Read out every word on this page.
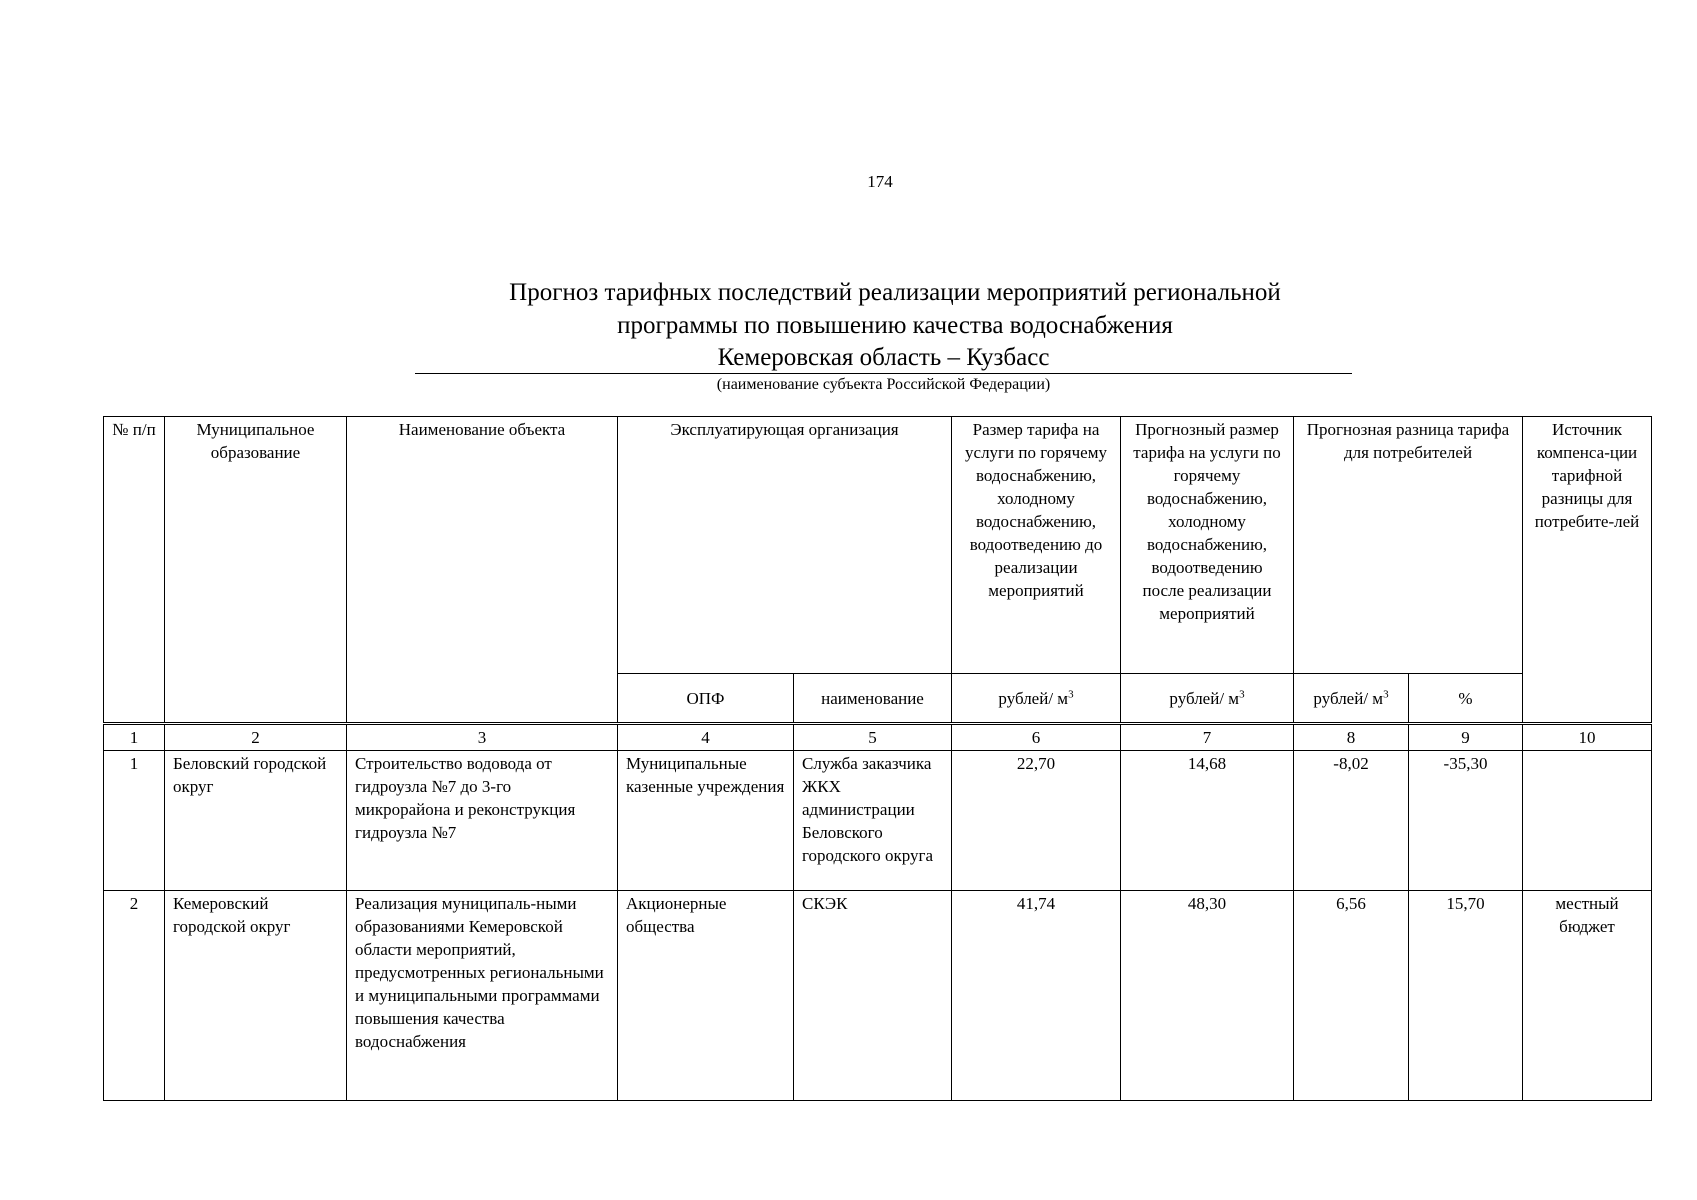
174
Прогноз тарифных последствий реализации мероприятий региональной
программы по повышению качества водоснабжения
Кемеровская область – Кузбасс
(наименование субъекта Российской Федерации)
№ п/п	Муниципальное образование	Наименование объекта	Эксплуатирующая организация		Размер тарифа на услуги по горячему водоснабжению, холодному водоснабжению, водоотведению до реализации мероприятий	Прогнозный размер тарифа на услуги по горячему водоснабжению, холодному водоснабжению, водоотведению после реализации мероприятий	Прогнозная разница тарифа для потребителей		Источник компенса-ции тарифной разницы для потребите-лей
			ОПФ	наименование	рублей/ $м^3$	рублей/ $м^3$	рублей/ $м^3$	%	
1	2	3	4	5	6	7	8	9	10
1	Беловский городской округ	Строительство водовода от гидроузла №7 до 3-го микрорайона и реконструкция гидроузла №7	Муниципальные казенные учреждения	Служба заказчика ЖКХ администрации Беловского городского округа	22,70	14,68	-8,02	-35,30	
2	Кемеровский городской округ	Реализация муниципаль-ными образованиями Кемеровской области мероприятий, предусмотренных региональными и муниципальными программами повышения качества водоснабжения	Акционерные общества	СКЭК	41,74	48,30	6,56	15,70	местный бюджет
